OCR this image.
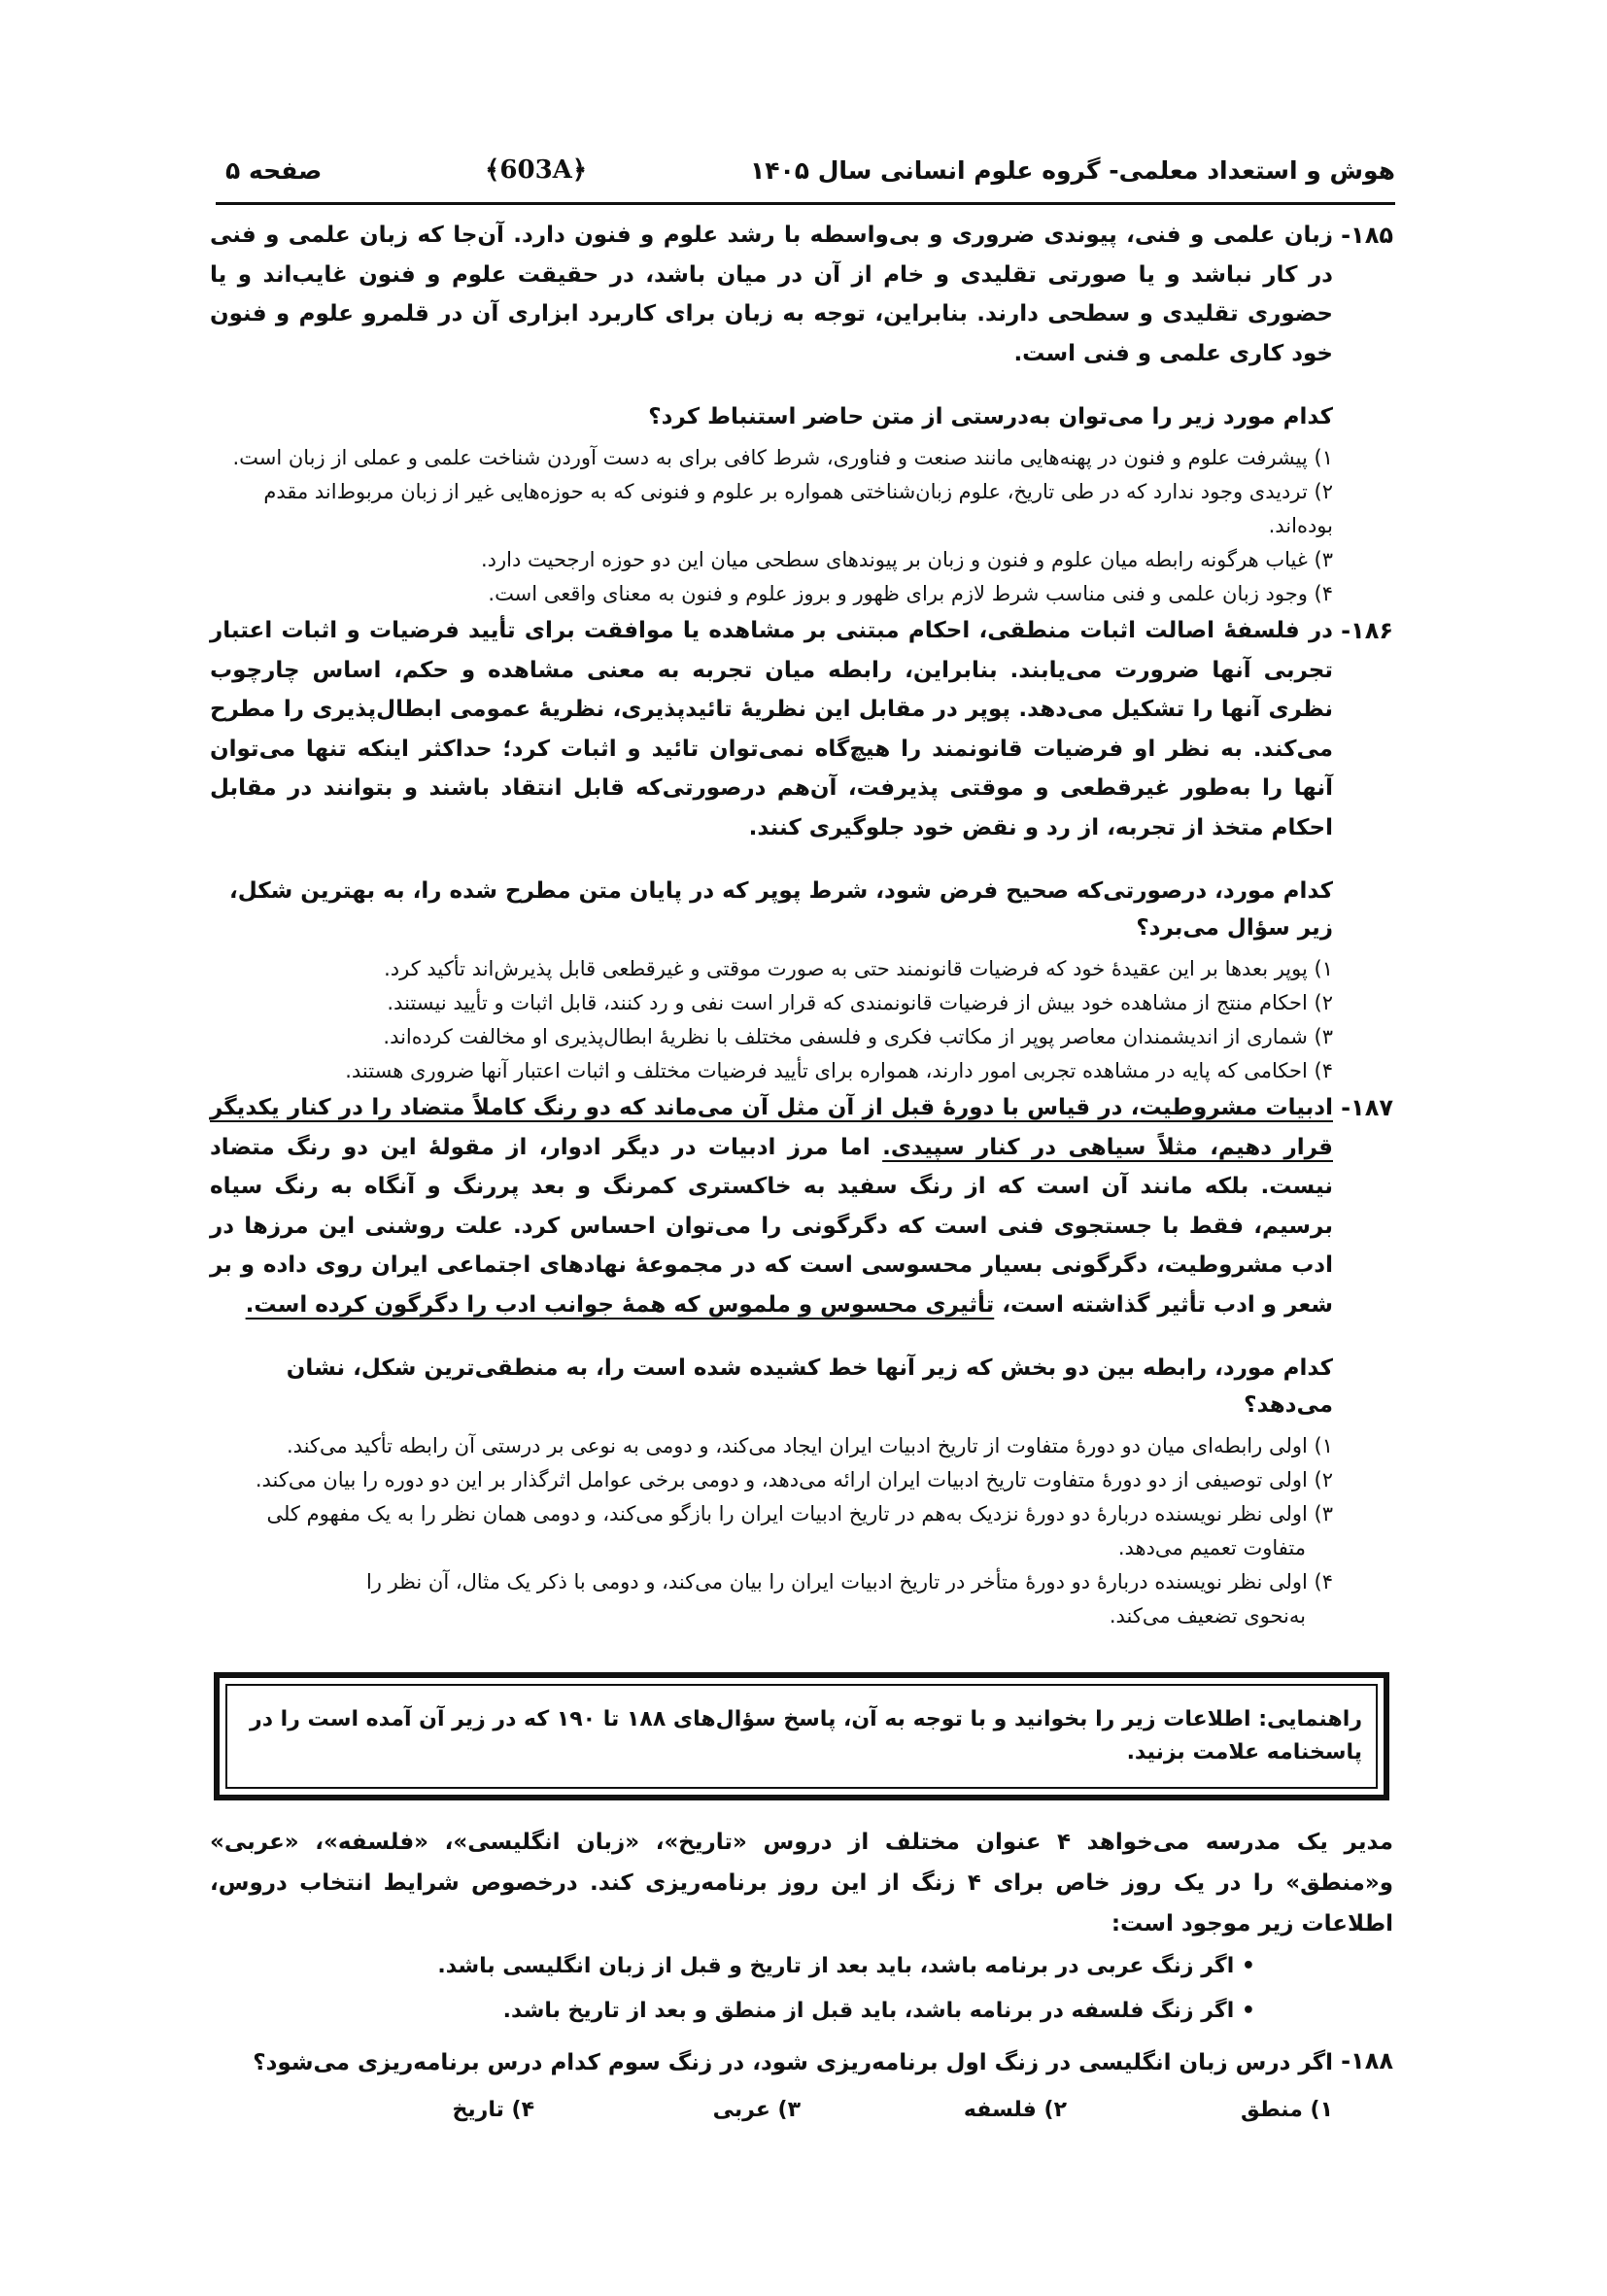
هوش و استعداد معلمی- گروه علوم انسانی سال ۱۴۰۵
﴾603A﴿
صفحه ۵
۱۸۵-
زبان علمی و فنی، پیوندی ضروری و بی‌واسطه با رشد علوم و فنون دارد. آن‌جا که زبان علمی و فنی در کار نباشد و یا صورتی تقلیدی و خام از آن در میان باشد، در حقیقت علوم و فنون غایب‌اند و یا حضوری تقلیدی و سطحی دارند. بنابراین، توجه به زبان برای کاربرد ابزاری آن در قلمرو علوم و فنون خود کاری علمی و فنی است.
کدام مورد زیر را می‌توان به‌درستی از متن حاضر استنباط کرد؟
۱) پیشرفت علوم و فنون در پهنه‌هایی مانند صنعت و فناوری، شرط کافی برای به دست آوردن شناخت علمی و عملی از زبان است.
۲) تردیدی وجود ندارد که در طی تاریخ، علوم زبان‌شناختی همواره بر علوم و فنونی که به حوزه‌هایی غیر از زبان مربوط‌اند مقدم بوده‌اند.
۳) غیاب هرگونه رابطه میان علوم و فنون و زبان بر پیوندهای سطحی میان این دو حوزه ارجحیت دارد.
۴) وجود زبان علمی و فنی مناسب شرط لازم برای ظهور و بروز علوم و فنون به معنای واقعی است.
۱۸۶-
در فلسفهٔ اصالت اثبات منطقی، احکام مبتنی بر مشاهده یا موافقت برای تأیید فرضیات و اثبات اعتبار تجربی آنها ضرورت می‌یابند. بنابراین، رابطه میان تجربه به معنی مشاهده و حکم، اساس چارچوب نظری آنها را تشکیل می‌دهد. پوپر در مقابل این نظریهٔ تائیدپذیری، نظریهٔ عمومی ابطال‌پذیری را مطرح می‌کند. به نظر او فرضیات قانونمند را هیچ‌گاه نمی‌توان تائید و اثبات کرد؛ حداکثر اینکه تنها می‌توان آنها را به‌طور غیرقطعی و موقتی پذیرفت، آن‌هم درصورتی‌که قابل انتقاد باشند و بتوانند در مقابل احکام متخذ از تجربه، از رد و نقض خود جلوگیری کنند.
کدام مورد، درصورتی‌که صحیح فرض شود، شرط پوپر که در پایان متن مطرح شده را، به بهترین شکل، زیر سؤال می‌برد؟
۱) پوپر بعدها بر این عقیدهٔ خود که فرضیات قانونمند حتی به صورت موقتی و غیرقطعی قابل پذیرش‌اند تأکید کرد.
۲) احکام منتج از مشاهده خود بیش از فرضیات قانونمندی که قرار است نفی و رد کنند، قابل اثبات و تأیید نیستند.
۳) شماری از اندیشمندان معاصر پوپر از مکاتب فکری و فلسفی مختلف با نظریهٔ ابطال‌پذیری او مخالفت کرده‌اند.
۴) احکامی که پایه در مشاهده تجربی امور دارند، همواره برای تأیید فرضیات مختلف و اثبات اعتبار آنها ضروری هستند.
۱۸۷-
ادبیات مشروطیت، در قیاس با دورهٔ قبل از آن مثل آن می‌ماند که دو رنگ کاملاً متضاد را در کنار یکدیگر قرار دهیم، مثلاً سیاهی در کنار سپیدی. اما مرز ادبیات در دیگر ادوار، از مقولهٔ این دو رنگ متضاد نیست. بلکه مانند آن است که از رنگ سفید به خاکستری کمرنگ و بعد پررنگ و آنگاه به رنگ سیاه برسیم، فقط با جستجوی فنی است که دگرگونی را می‌توان احساس کرد. علت روشنی این مرزها در ادب مشروطیت، دگرگونی بسیار محسوسی است که در مجموعهٔ نهادهای اجتماعی ایران روی داده و بر شعر و ادب تأثیر گذاشته است، تأثیری محسوس و ملموس که همهٔ جوانب ادب را دگرگون کرده است.
کدام مورد، رابطه بین دو بخش که زیر آنها خط کشیده شده است را، به منطقی‌ترین شکل، نشان می‌دهد؟
۱) اولی رابطه‌ای میان دو دورهٔ متفاوت از تاریخ ادبیات ایران ایجاد می‌کند، و دومی به نوعی بر درستی آن رابطه تأکید می‌کند.
۲) اولی توصیفی از دو دورهٔ متفاوت تاریخ ادبیات ایران ارائه می‌دهد، و دومی برخی عوامل اثرگذار بر این دو دوره را بیان می‌کند.
۳) اولی نظر نویسنده دربارهٔ دو دورهٔ نزدیک به‌هم در تاریخ ادبیات ایران را بازگو می‌کند، و دومی همان نظر را به یک مفهوم کلی
متفاوت تعمیم می‌دهد.
۴) اولی نظر نویسنده دربارهٔ دو دورهٔ متأخر در تاریخ ادبیات ایران را بیان می‌کند، و دومی با ذکر یک مثال، آن نظر را
به‌نحوی تضعیف می‌کند.
راهنمایی: اطلاعات زیر را بخوانید و با توجه به آن، پاسخ سؤال‌های ۱۸۸ تا ۱۹۰ که در زیر آن آمده است را در پاسخنامه علامت بزنید.
مدیر یک مدرسه می‌خواهد ۴ عنوان مختلف از دروس «تاریخ»، «زبان انگلیسی»، «فلسفه»، «عربی» و«منطق» را در یک روز خاص برای ۴ زنگ از این روز برنامه‌ریزی کند. درخصوص شرایط انتخاب دروس، اطلاعات زیر موجود است:
• اگر زنگ عربی در برنامه باشد، باید بعد از تاریخ و قبل از زبان انگلیسی باشد.
• اگر زنگ فلسفه در برنامه باشد، باید قبل از منطق و بعد از تاریخ باشد.
۱۸۸-
اگر درس زبان انگلیسی در زنگ اول برنامه‌ریزی شود، در زنگ سوم کدام درس برنامه‌ریزی می‌شود؟
۱) منطق
۲) فلسفه
۳) عربی
۴) تاریخ
